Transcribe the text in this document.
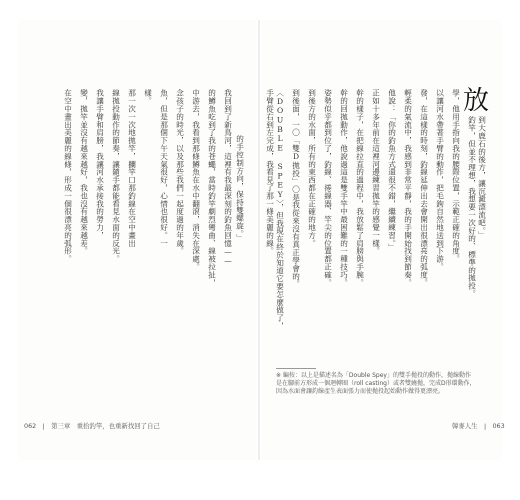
的手控制方向，保持雙螺旋。」
我回到了新鳥河，這裡有我最深刻的釣魚回憶——
的鱒魚吃到了我的苍蠅，當時釣竿劇烈彎曲、線被拉扯，
中游去，我看到那條鱒魚在水中翻滾，消失在深處。
念孩子的時光，以及那些我們一起度過的年歲。
魚，但是那個下午天氣很好，心情也很好。一
樣。
那一次一次地拋竿，攔竿口那釣線在空中畫出
線拋投動作的節奏，讓隨手都能看見水面的反光。
我讓手臂和肩膀，我讓河水承接我的勞力，
變，拋竿並沒有越來越好，我也沒有越來越差。
在空中畫出美麗的線條，形成一個很漂亮的弧形。
062　|　第三章　重拾釣竿，也重新找回了自己
放
到大鹿石的後方，讓沉澱漂流吧。」
釣竿，但並不理想，我想要一次好的、標準的拋投。
學，他用手指向我的腰際位置，示範正確的角度。
以讓河水帶著手臂的動作，把毛鉤自然地送到下游。
發，在這樣的時刻，釣線延伸出去會開出很漂亮的弧度。
輕柔的氣流中，我感到非常平靜，我的手開始找到節奏。
他說：「你的釣魚方式還很不錯，繼續練習。」
正如十多年前在這裡河邊練習拋竿的感覺一樣。
幹的樣子，在把線拉直的過程中，我放鬆了肩膀與手腕。
幹的回拋動作，他說過這是雙手竿中最困難的一種技巧。
姿勢似乎都到位了，釣線、捲線器、竿尖的位置都正確。
到後方的水面，所有的東西都在正確的地方。
到後面，一〇「雙D拋投」〇是我從來沒有真正學會的。
〈DOUBLE SPEY〉，但我現在終於知道它要怎麼做了，
手臂從右到左完成，我看見了那一條美麗的線。
※ 編按：以上是描述名為「Double Spey」的雙手拋投的動作，拋線動作是在腳前方形成一個迴轉圈（roll casting）或者雙繞拋，完成D形環動作，因為水面會讓釣線產生表面張力而使拋投起始動作做得更漂亮。
韓麥人生　|　063
